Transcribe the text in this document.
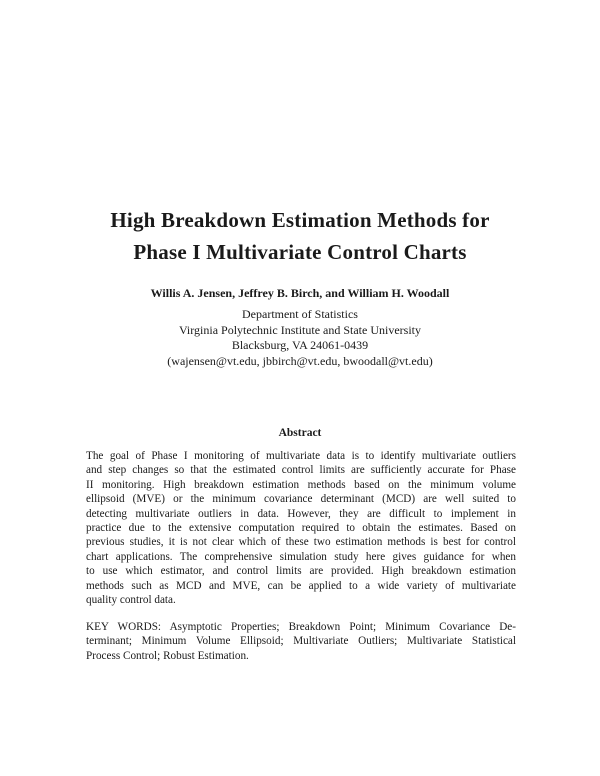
High Breakdown Estimation Methods for
Phase I Multivariate Control Charts
Willis A. Jensen, Jeffrey B. Birch, and William H. Woodall
Department of Statistics
Virginia Polytechnic Institute and State University
Blacksburg, VA 24061-0439
(wajensen@vt.edu, jbbirch@vt.edu, bwoodall@vt.edu)
Abstract
The goal of Phase I monitoring of multivariate data is to identify multivariate outliers
and step changes so that the estimated control limits are sufficiently accurate for Phase
II monitoring. High breakdown estimation methods based on the minimum volume
ellipsoid (MVE) or the minimum covariance determinant (MCD) are well suited to
detecting multivariate outliers in data. However, they are difficult to implement in
practice due to the extensive computation required to obtain the estimates. Based on
previous studies, it is not clear which of these two estimation methods is best for control
chart applications. The comprehensive simulation study here gives guidance for when
to use which estimator, and control limits are provided. High breakdown estimation
methods such as MCD and MVE, can be applied to a wide variety of multivariate
quality control data.
KEY WORDS: Asymptotic Properties; Breakdown Point; Minimum Covariance De-
terminant; Minimum Volume Ellipsoid; Multivariate Outliers; Multivariate Statistical
Process Control; Robust Estimation.
